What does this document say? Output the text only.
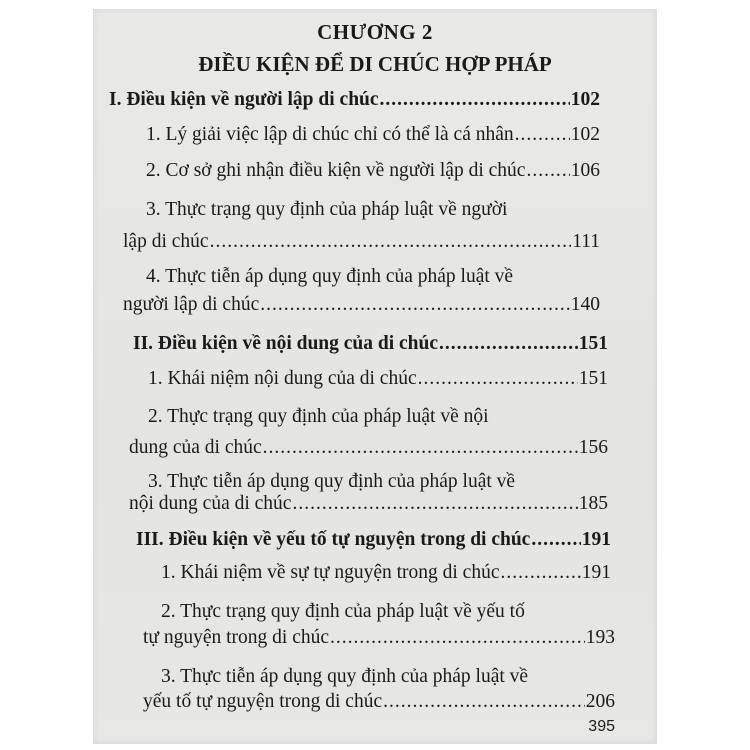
CHƯƠNG 2
ĐIỀU KIỆN ĐỂ DI CHÚC HỢP PHÁP
I. Điều kiện về người lập di chúc .....	102
1. Lý giải việc lập di chúc chỉ có thể là cá nhân .....	102
2. Cơ sở ghi nhận điều kiện về người lập di chúc ..... 106
3. Thực trạng quy định của pháp luật về người
lập di chúc .....	111
4. Thực tiễn áp dụng quy định của pháp luật về
người lập di chúc .....	140
II. Điều kiện về nội dung của di chúc .....	151
1. Khái niệm nội dung của di chúc .....	151
2. Thực trạng quy định của pháp luật về nội
dung của di chúc .....	156
3. Thực tiễn áp dụng quy định của pháp luật về
nội dung của di chúc .....	185
III. Điều kiện về yếu tố tự nguyện trong di chúc .....	191
1. Khái niệm về sự tự nguyện trong di chúc .....	191
2. Thực trạng quy định của pháp luật về yếu tố
tự nguyện trong di chúc .....	193
3. Thực tiễn áp dụng quy định của pháp luật về
yếu tố tự nguyện trong di chúc .....	206
395
